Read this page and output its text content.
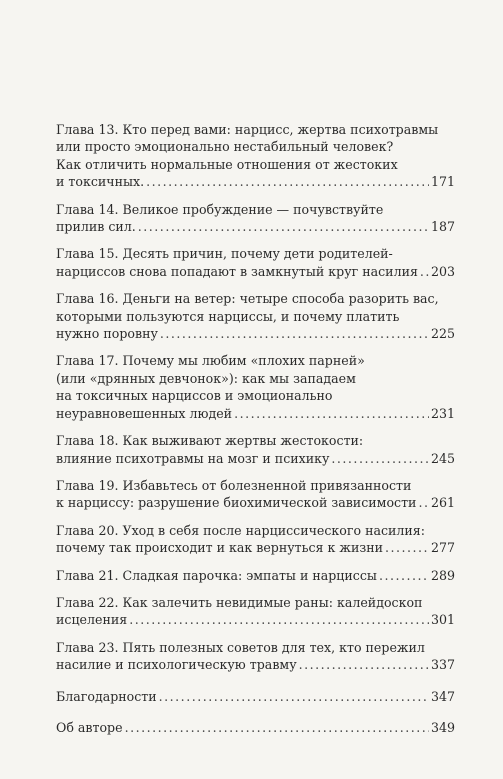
Глава 13. Кто перед вами: нарцисс, жертва психотравмы
или просто эмоционально нестабильный человек?
Как отличить нормальные отношения от жестоких
и токсичных. .....	171
Глава 14. Великое пробуждение — почувствуйте
прилив сил. .....	187
Глава 15. Десять причин, почему дети родителей-
нарциссов снова попадают в замкнутый круг насилия ..... 203
Глава 16. Деньги на ветер: четыре способа разорить вас,
которыми пользуются нарциссы, и почему платить
нужно поровну .....	225
Глава 17. Почему мы любим «плохих парней»
(или «дрянных девчонок»): как мы западаем
на токсичных нарциссов и эмоционально
неуравновешенных людей .....	231
Глава 18. Как выживают жертвы жестокости:
влияние психотравмы на мозг и психику .....	245
Глава 19. Избавьтесь от болезненной привязанности
к нарциссу: разрушение биохимической зависимости ..... 261
Глава 20. Уход в себя после нарциссического насилия:
почему так происходит и как вернуться к жизни .....	277
Глава 21. Сладкая парочка: эмпаты и нарциссы .....	289
Глава 22. Как залечить невидимые раны: калейдоскоп
исцеления .....	301
Глава 23. Пять полезных советов для тех, кто пережил
насилие и психологическую травму .....	337
Благодарности .....	347
Об авторе .....	349
